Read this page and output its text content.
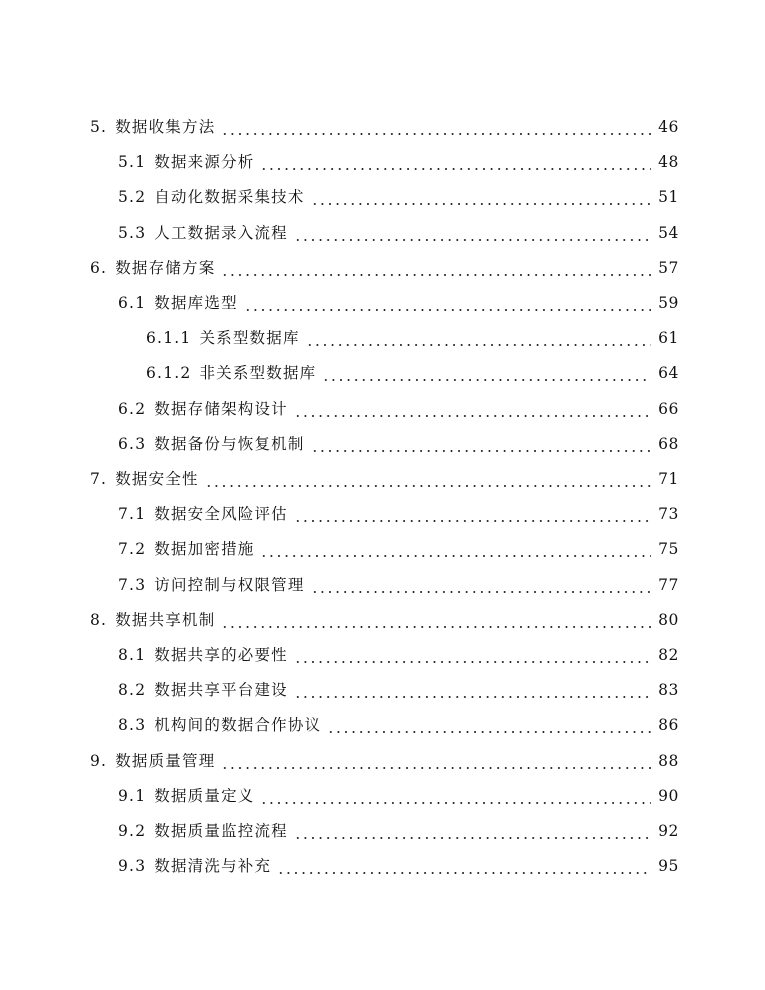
5. 数据收集方法	46
5.1 数据来源分析	48
5.2 自动化数据采集技术	51
5.3 人工数据录入流程	54
6. 数据存储方案	57
6.1 数据库选型	59
6.1.1 关系型数据库	61
6.1.2 非关系型数据库	64
6.2 数据存储架构设计	66
6.3 数据备份与恢复机制	68
7. 数据安全性	71
7.1 数据安全风险评估	73
7.2 数据加密措施	75
7.3 访问控制与权限管理	77
8. 数据共享机制	80
8.1 数据共享的必要性	82
8.2 数据共享平台建设	83
8.3 机构间的数据合作协议	86
9. 数据质量管理	88
9.1 数据质量定义	90
9.2 数据质量监控流程	92
9.3 数据清洗与补充	95
